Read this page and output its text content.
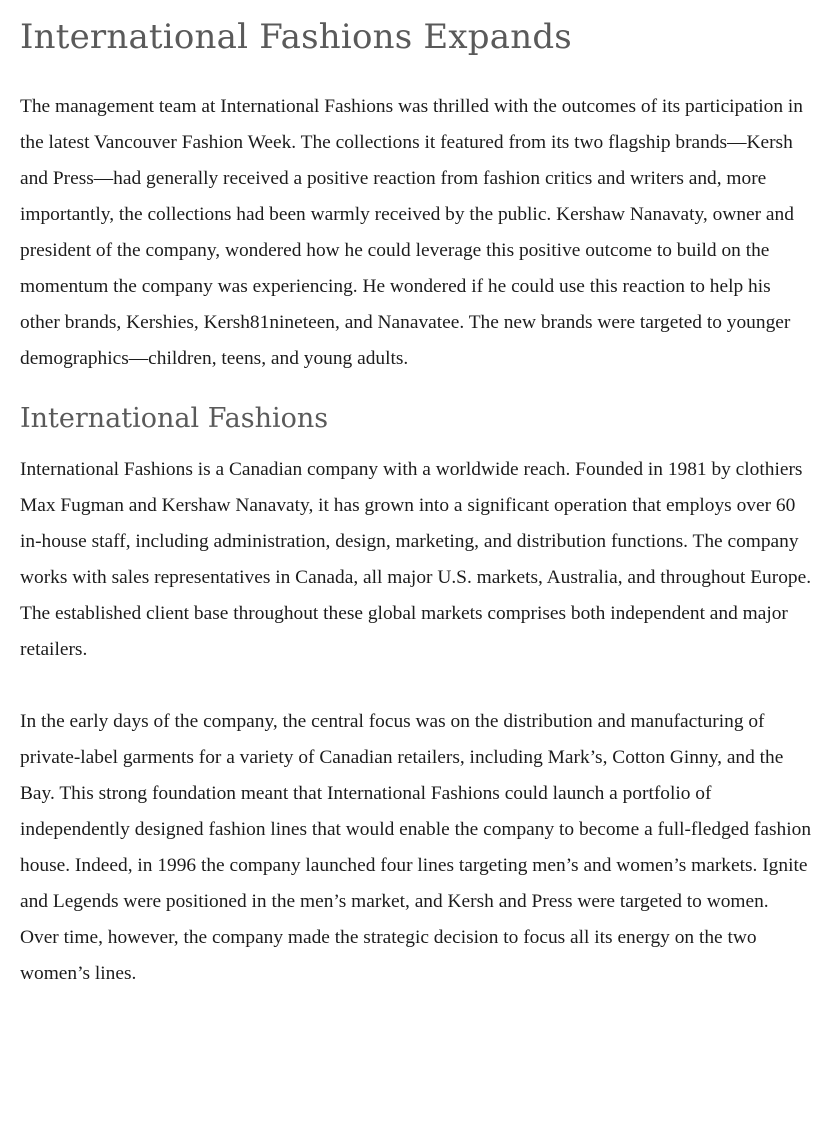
International Fashions Expands

The management team at International Fashions was thrilled with the outcomes of its participation in the latest Vancouver Fashion Week. The collections it featured from its two flagship brands—Kersh and Press—had generally received a positive reaction from fashion critics and writers and, more importantly, the collections had been warmly received by the public. Kershaw Nanavaty, owner and president of the company, wondered how he could leverage this positive outcome to build on the momentum the company was experiencing. He wondered if he could use this reaction to help his other brands, Kershies, Kersh81nineteen, and Nanavatee. The new brands were targeted to younger demographics—children, teens, and young adults.

International Fashions

International Fashions is a Canadian company with a worldwide reach. Founded in 1981 by clothiers Max Fugman and Kershaw Nanavaty, it has grown into a significant operation that employs over 60 in-house staff, including administration, design, marketing, and distribution functions. The company works with sales representatives in Canada, all major U.S. markets, Australia, and throughout Europe. The established client base throughout these global markets comprises both independent and major retailers.

In the early days of the company, the central focus was on the distribution and manufacturing of private-label garments for a variety of Canadian retailers, including Mark’s, Cotton Ginny, and the Bay. This strong foundation meant that International Fashions could launch a portfolio of independently designed fashion lines that would enable the company to become a full-fledged fashion house. Indeed, in 1996 the company launched four lines targeting men’s and women’s markets. Ignite and Legends were positioned in the men’s market, and Kersh and Press were targeted to women. Over time, however, the company made the strategic decision to focus all its energy on the two women’s lines.
